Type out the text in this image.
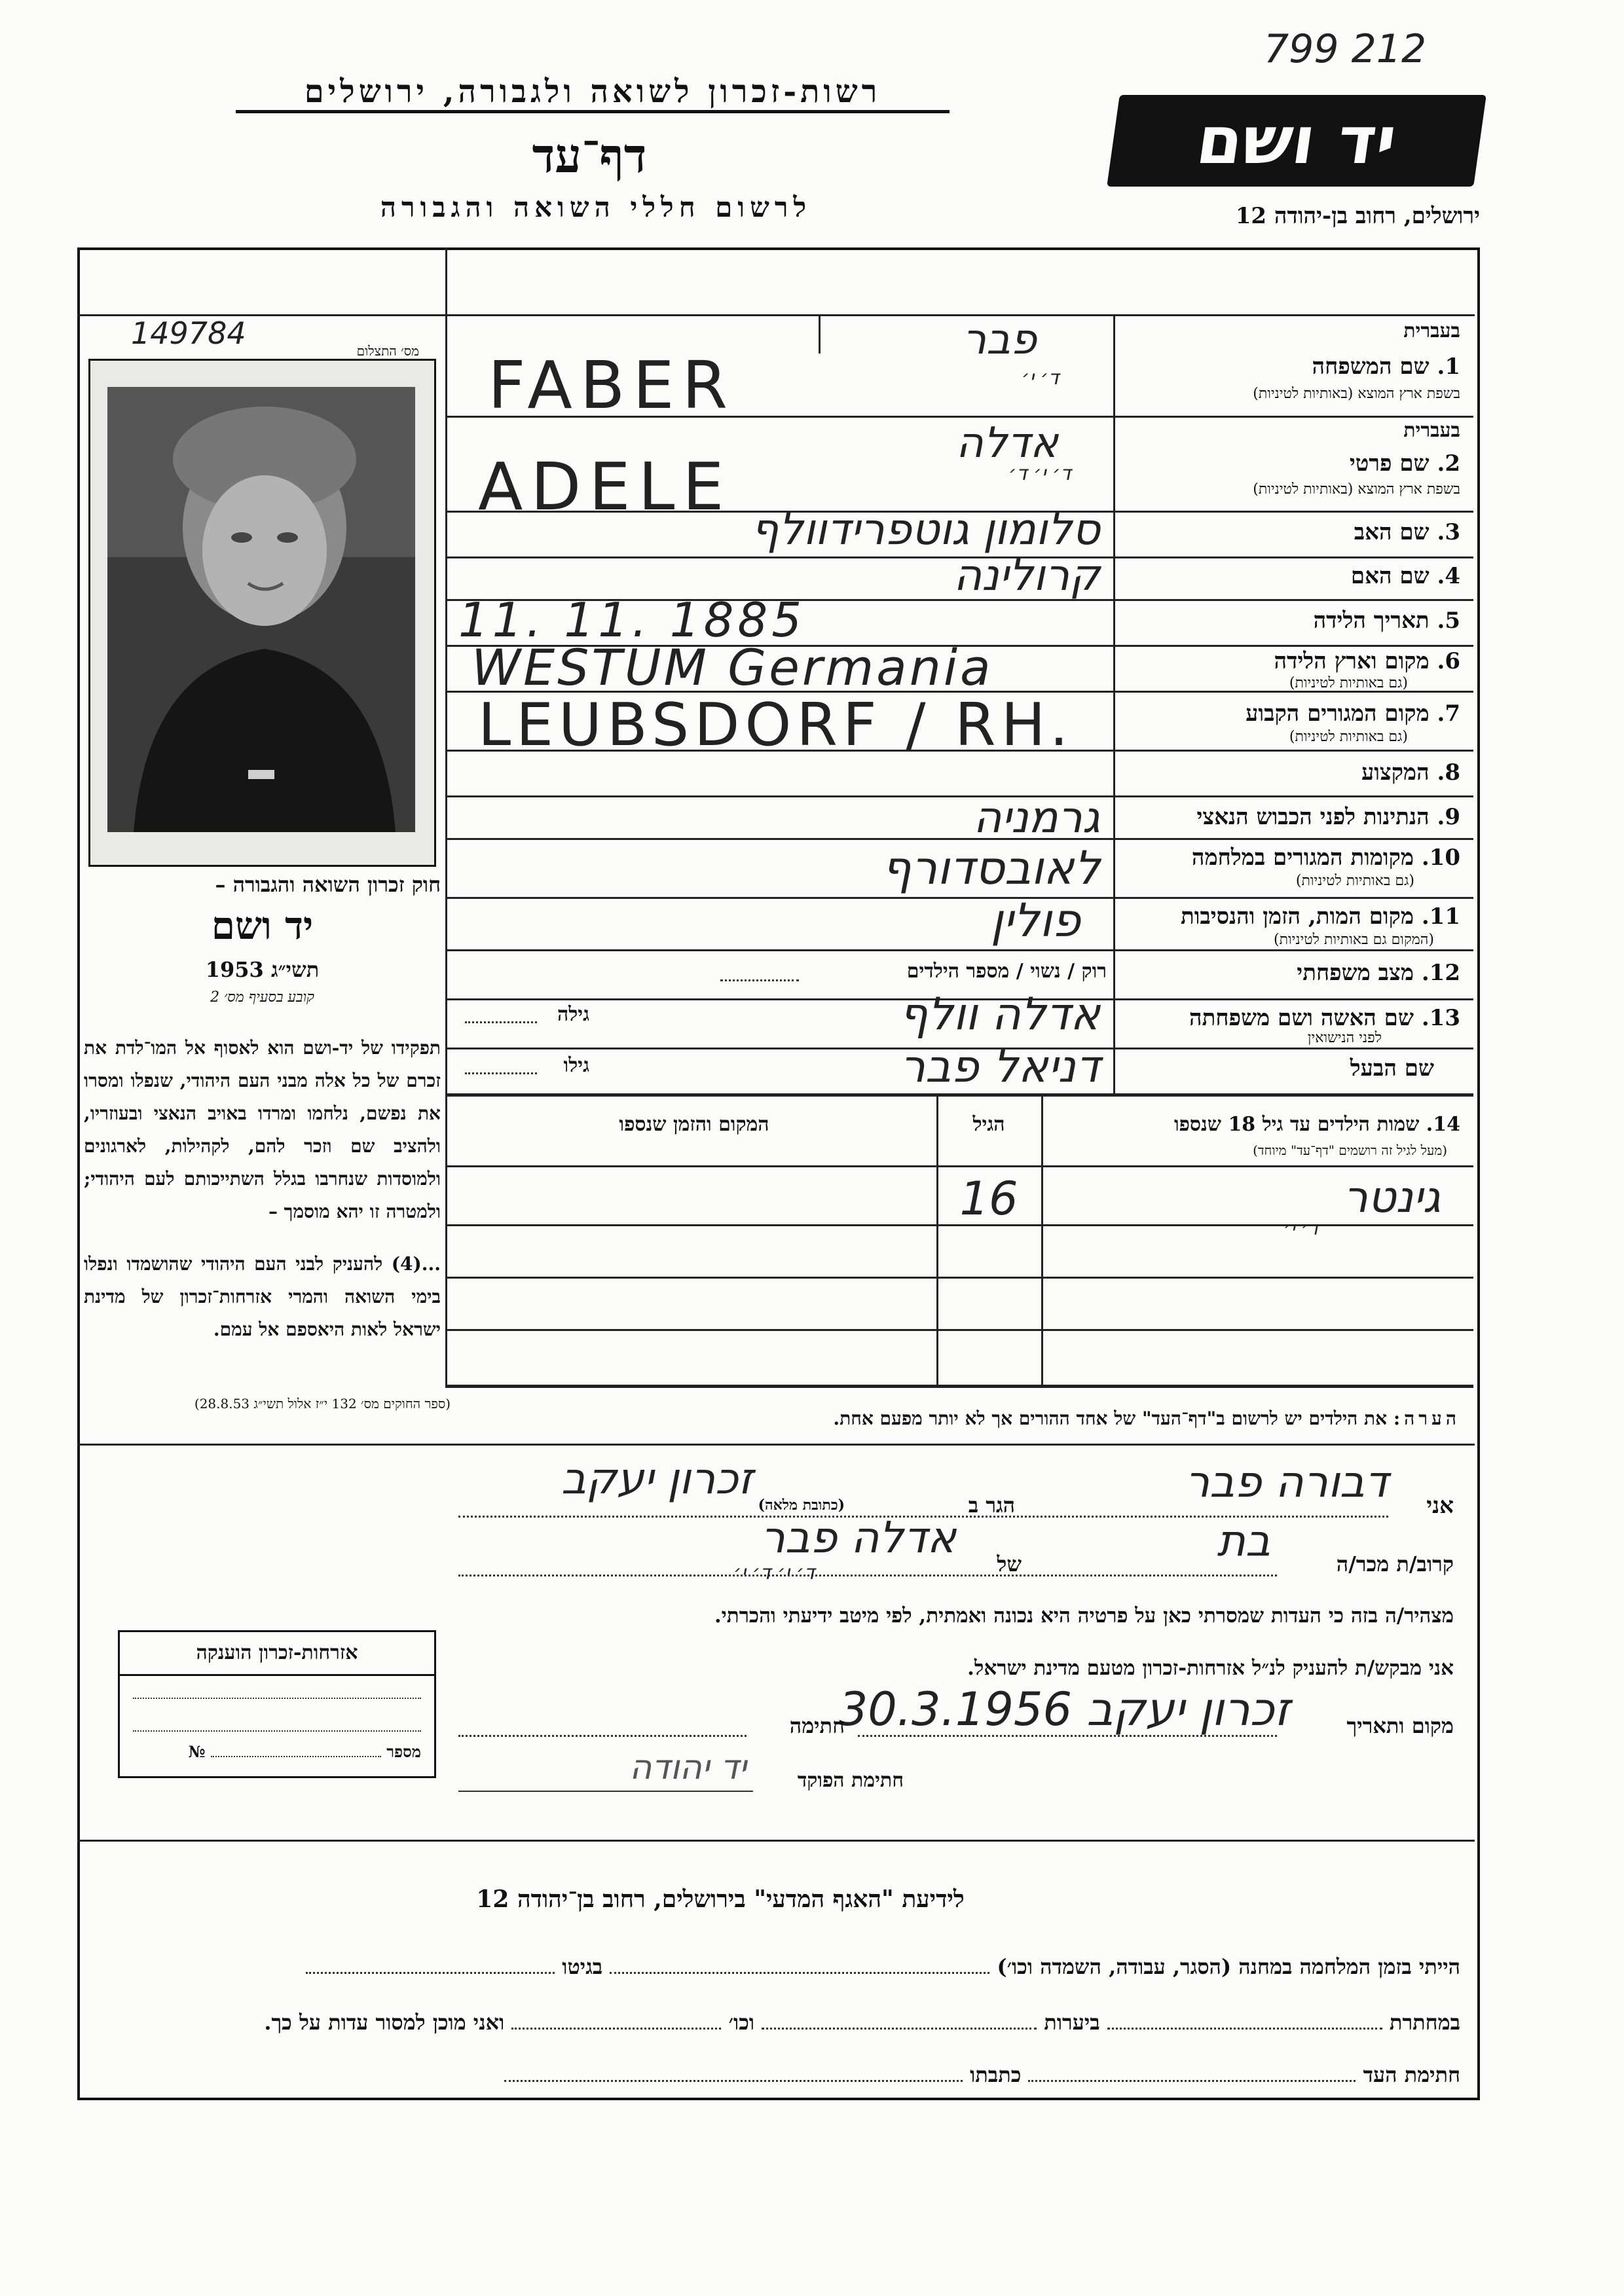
רשות-זכרון לשואה ולגבורה, ירושלים
דף־עד
לרשום חללי השואה והגבורה
יד ושם
ירושלים, רחוב בן-יהודה 12
799 212
149784	מס׳ התצלום
חוק זכרון השואה והגבורה –
יד ושם
תשי״ג 1953
קובע בסעיף מס׳ 2
תפקידו של יד-ושם הוא לאסוף אל המו־לדת את זכרם של כל אלה מבני העם היהודי, שנפלו ומסרו את נפשם, נלחמו ומרדו באויב הנאצי ובעוזריו, ולהציב שם וזכר להם, לקהילות, לארגונים ולמוסדות שנחרבו בגלל השתייכותם לעם היהודי; ולמטרה זו יהא מוסמך –
...(4) להעניק לבני העם היהודי שהושמדו ונפלו בימי השואה והמרי אזרחות־זכרון של מדינת ישראל לאות היאספם אל עמם.
(ספר החוקים מס׳ 132 י״ז אלול תשי״ג 28.8.53)
בעברית
1. שם המשפחה
בשפת ארץ המוצא (באותיות לטיניות)
בעברית
2. שם פרטי
בשפת ארץ המוצא (באותיות לטיניות)
3. שם האב
4. שם האם
5. תאריך הלידה
6. מקום וארץ הלידה
(גם באותיות לטיניות)
7. מקום המגורים הקבוע
(גם באותיות לטיניות)
8. המקצוע
9. הנתינות לפני הכבוש הנאצי
10. מקומות המגורים במלחמה
(גם באותיות לטיניות)
11. מקום המות, הזמן והנסיבות
(המקום גם באותיות לטיניות)
12. מצב משפחתי
13. שם האשה ושם משפחתה
לפני הנישואין
שם הבעל
פבר
ד׳ י׳
FABER
אדלה
ד׳ י׳ ד׳
ADELE
סלומון גוטפרידוולף
קרולינה
11. 11. 1885
WESTUM Germania
LEUBSDORF / RH.
גרמניה
לאובסדורף
פולין
רוק / נשוי / מספר הילדים
אדלה וולף
גילה
דניאל פבר
גילו
14. שמות הילדים עד גיל 18 שנספו
(מעל לגיל זה רושמים "דף־עד" מיוחד)
הגיל
המקום והזמן שנספו
גינטר
ד׳ י׳
16
הערה: את הילדים יש לרשום ב"דף־העד" של אחד ההורים אך לא יותר מפעם אחת.
אני
דבורה פבר
הגר ב
(כתובת מלאה)
זכרון יעקב
קרוב/ת מכר/ה
בת
של
אדלה פבר
ד׳ י׳ ד׳ י׳
מצהיר/ה בזה כי העדות שמסרתי כאן על פרטיה היא נכונה ואמתית, לפי מיטב ידיעתי והכרתי.
אני מבקש/ת להעניק לנ״ל אזרחות-זכרון מטעם מדינת ישראל.
מקום ותאריך
זכרון יעקב 30.3.1956
חתימה
חתימת הפוקד
יד יהודה
אזרחות-זכרון הוענקה
מספר  №
לידיעת "האגף המדעי" בירושלים, רחוב בן־יהודה 12
הייתי בזמן המלחמה במחנה (הסגר, עבודה, השמדה וכו׳)  בגיטו
במחתרת  ביערות  וכו׳  ואני מוכן למסור עדות על כך.
חתימת העד  כתבתו
